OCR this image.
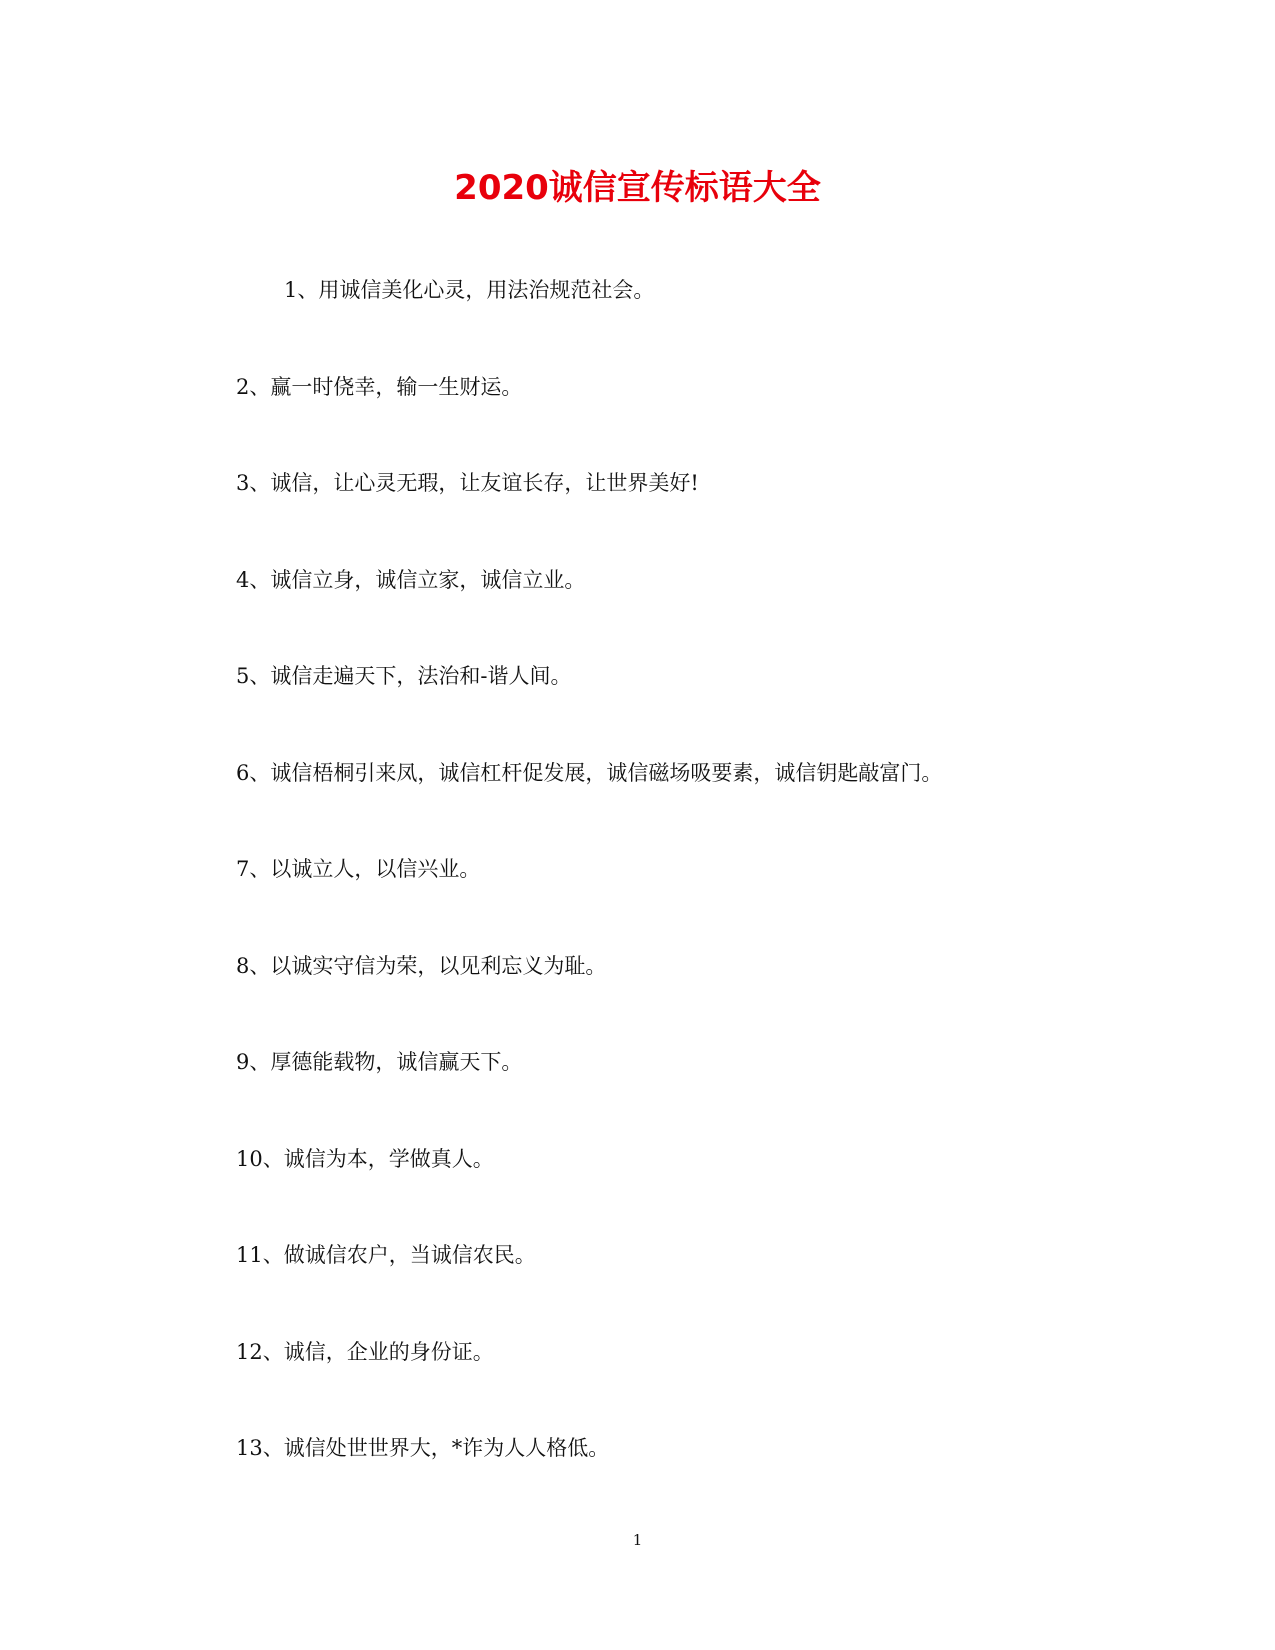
2020诚信宣传标语大全
1、用诚信美化心灵，用法治规范社会。
2、赢一时侥幸，输一生财运。
3、诚信，让心灵无瑕，让友谊长存，让世界美好!
4、诚信立身，诚信立家，诚信立业。
5、诚信走遍天下，法治和-谐人间。
6、诚信梧桐引来凤，诚信杠杆促发展，诚信磁场吸要素，诚信钥匙敲富门。
7、以诚立人，以信兴业。
8、以诚实守信为荣，以见利忘义为耻。
9、厚德能载物，诚信赢天下。
10、诚信为本，学做真人。
11、做诚信农户，当诚信农民。
12、诚信，企业的身份证。
13、诚信处世世界大，*诈为人人格低。
1
